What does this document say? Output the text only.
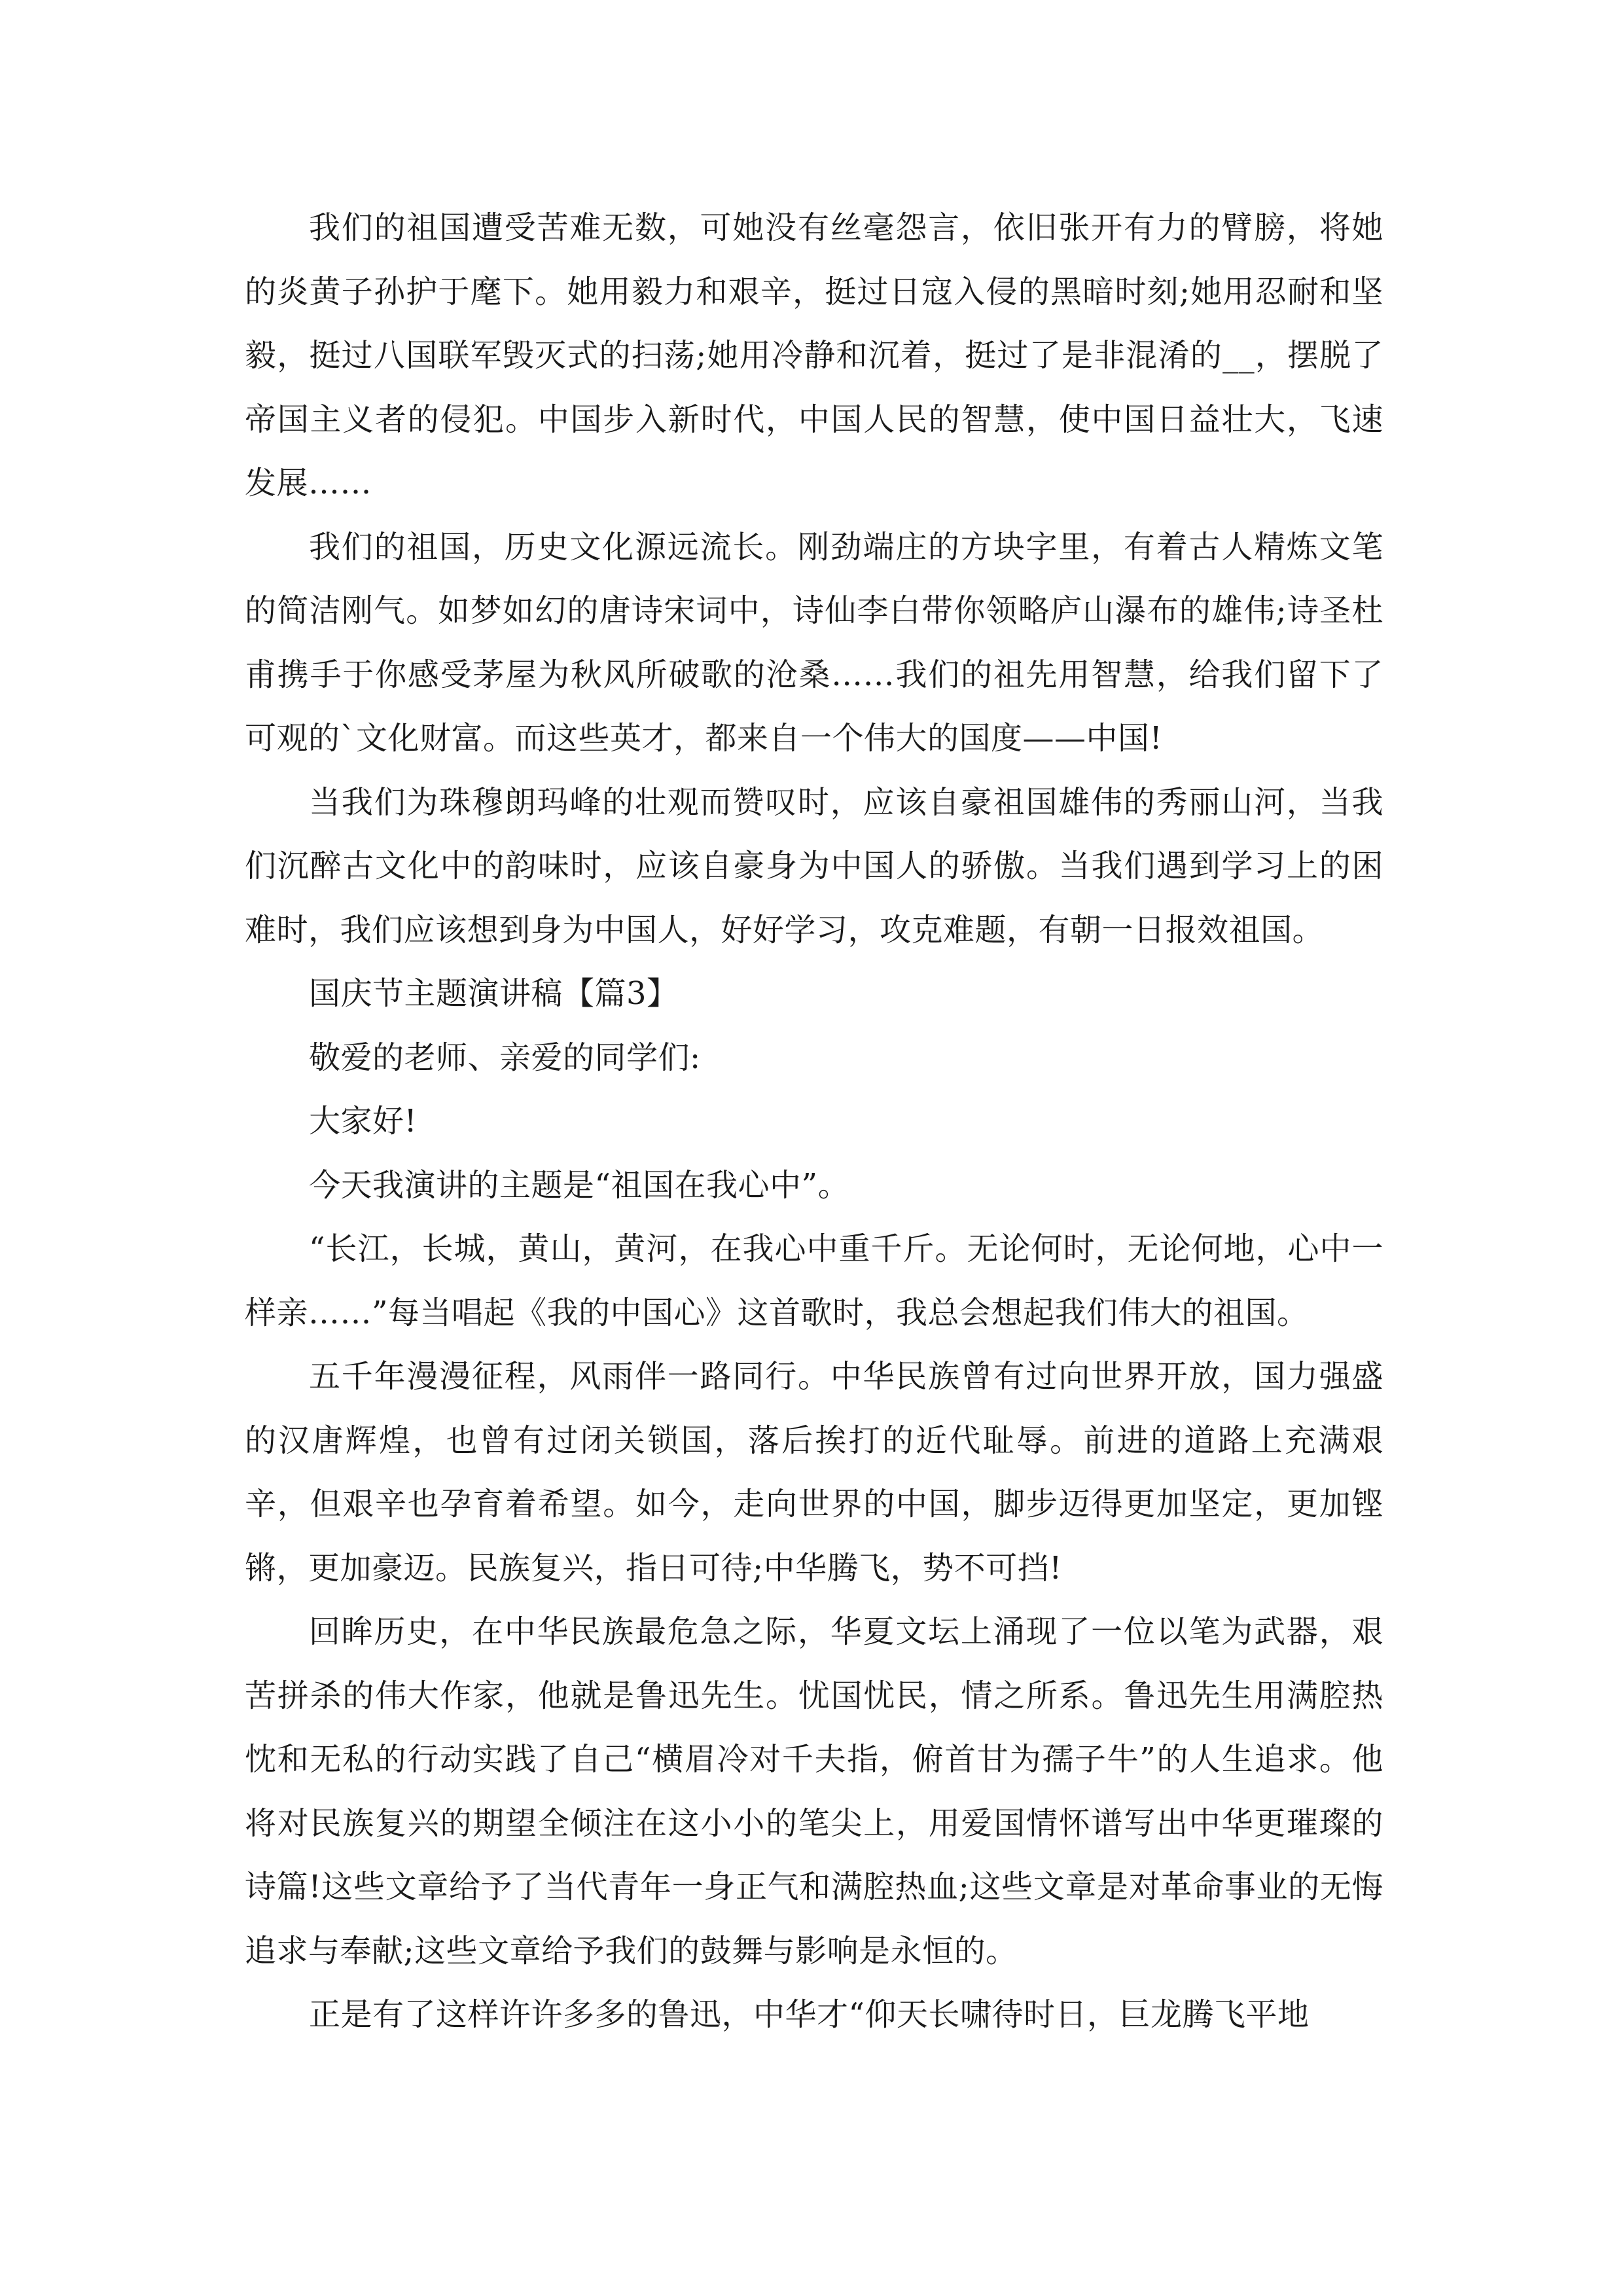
我们的祖国遭受苦难无数，可她没有丝毫怨言，依旧张开有力的臂膀，将她的炎黄子孙护于麾下。她用毅力和艰辛，挺过日寇入侵的黑暗时刻;她用忍耐和坚毅，挺过八国联军毁灭式的扫荡;她用冷静和沉着，挺过了是非混淆的__，摆脱了帝国主义者的侵犯。中国步入新时代，中国人民的智慧，使中国日益壮大，飞速发展……

我们的祖国，历史文化源远流长。刚劲端庄的方块字里，有着古人精炼文笔的简洁刚气。如梦如幻的唐诗宋词中，诗仙李白带你领略庐山瀑布的雄伟;诗圣杜甫携手于你感受茅屋为秋风所破歌的沧桑……我们的祖先用智慧，给我们留下了可观的`文化财富。而这些英才，都来自一个伟大的国度——中国!

当我们为珠穆朗玛峰的壮观而赞叹时，应该自豪祖国雄伟的秀丽山河，当我们沉醉古文化中的韵味时，应该自豪身为中国人的骄傲。当我们遇到学习上的困难时，我们应该想到身为中国人，好好学习，攻克难题，有朝一日报效祖国。

国庆节主题演讲稿【篇3】

敬爱的老师、亲爱的同学们:

大家好!

今天我演讲的主题是“祖国在我心中”。

“长江，长城，黄山，黄河，在我心中重千斤。无论何时，无论何地，心中一样亲……”每当唱起《我的中国心》这首歌时，我总会想起我们伟大的祖国。

五千年漫漫征程，风雨伴一路同行。中华民族曾有过向世界开放，国力强盛的汉唐辉煌，也曾有过闭关锁国，落后挨打的近代耻辱。前进的道路上充满艰辛，但艰辛也孕育着希望。如今，走向世界的中国，脚步迈得更加坚定，更加铿锵，更加豪迈。民族复兴，指日可待;中华腾飞，势不可挡!

回眸历史，在中华民族最危急之际，华夏文坛上涌现了一位以笔为武器，艰苦拼杀的伟大作家，他就是鲁迅先生。忧国忧民，情之所系。鲁迅先生用满腔热忱和无私的行动实践了自己“横眉冷对千夫指，俯首甘为孺子牛”的人生追求。他将对民族复兴的期望全倾注在这小小的笔尖上，用爱国情怀谱写出中华更璀璨的诗篇!这些文章给予了当代青年一身正气和满腔热血;这些文章是对革命事业的无悔追求与奉献;这些文章给予我们的鼓舞与影响是永恒的。

正是有了这样许许多多的鲁迅，中华才“仰天长啸待时日，巨龙腾飞平地
